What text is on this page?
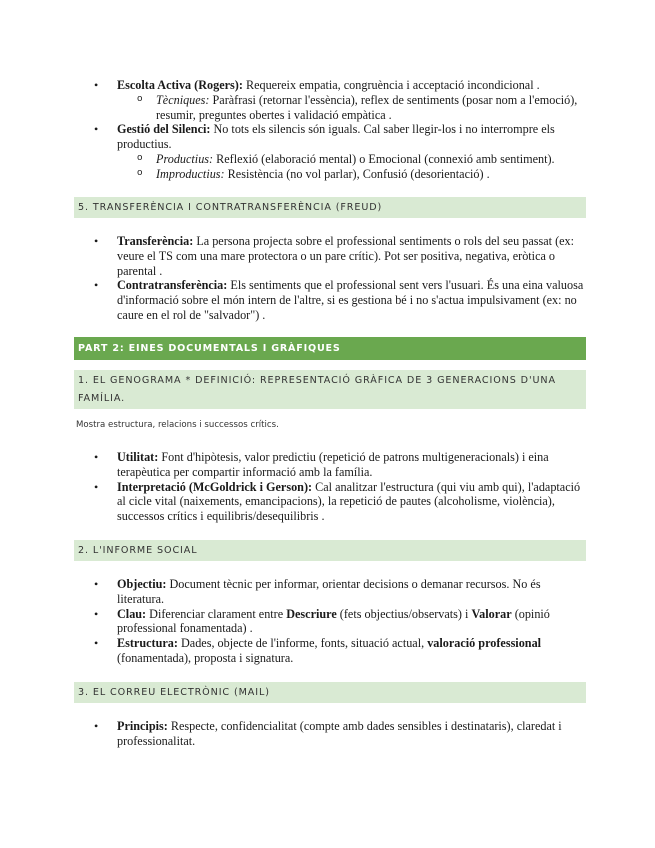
• Escolta Activa (Rogers): Requereix empatia, congruència i acceptació incondicional .
o Tècniques: Paràfrasi (retornar l'essència), reflex de sentiments (posar nom a l'emoció), resumir, preguntes obertes i validació empàtica .
• Gestió del Silenci: No tots els silencis són iguals. Cal saber llegir-los i no interrompre els productius.
o Productius: Reflexió (elaboració mental) o Emocional (connexió amb sentiment).
o Improductius: Resistència (no vol parlar), Confusió (desorientació) .
5. TRANSFERÈNCIA I CONTRATRANSFERÈNCIA (FREUD)
• Transferència: La persona projecta sobre el professional sentiments o rols del seu passat (ex: veure el TS com una mare protectora o un pare crític). Pot ser positiva, negativa, eròtica o parental .
• Contratransferència: Els sentiments que el professional sent vers l'usuari. És una eina valuosa d'informació sobre el món intern de l'altre, si es gestiona bé i no s'actua impulsivament (ex: no caure en el rol de "salvador") .
PART 2: EINES DOCUMENTALS I GRÀFIQUES
1. EL GENOGRAMA * DEFINICIÓ: REPRESENTACIÓ GRÀFICA DE 3 GENERACIONS D'UNA FAMÍLIA.
Mostra estructura, relacions i successos crítics.
• Utilitat: Font d'hipòtesis, valor predictiu (repetició de patrons multigeneracionals) i eina terapèutica per compartir informació amb la família.
• Interpretació (McGoldrick i Gerson): Cal analitzar l'estructura (qui viu amb qui), l'adaptació al cicle vital (naixements, emancipacions), la repetició de pautes (alcoholisme, violència), successos crítics i equilibris/desequilibris .
2. L'INFORME SOCIAL
• Objectiu: Document tècnic per informar, orientar decisions o demanar recursos. No és literatura.
• Clau: Diferenciar clarament entre Descriure (fets objectius/observats) i Valorar (opinió professional fonamentada) .
• Estructura: Dades, objecte de l'informe, fonts, situació actual, valoració professional (fonamentada), proposta i signatura.
3. EL CORREU ELECTRÒNIC (MAIL)
• Principis: Respecte, confidencialitat (compte amb dades sensibles i destinataris), claredat i professionalitat.
